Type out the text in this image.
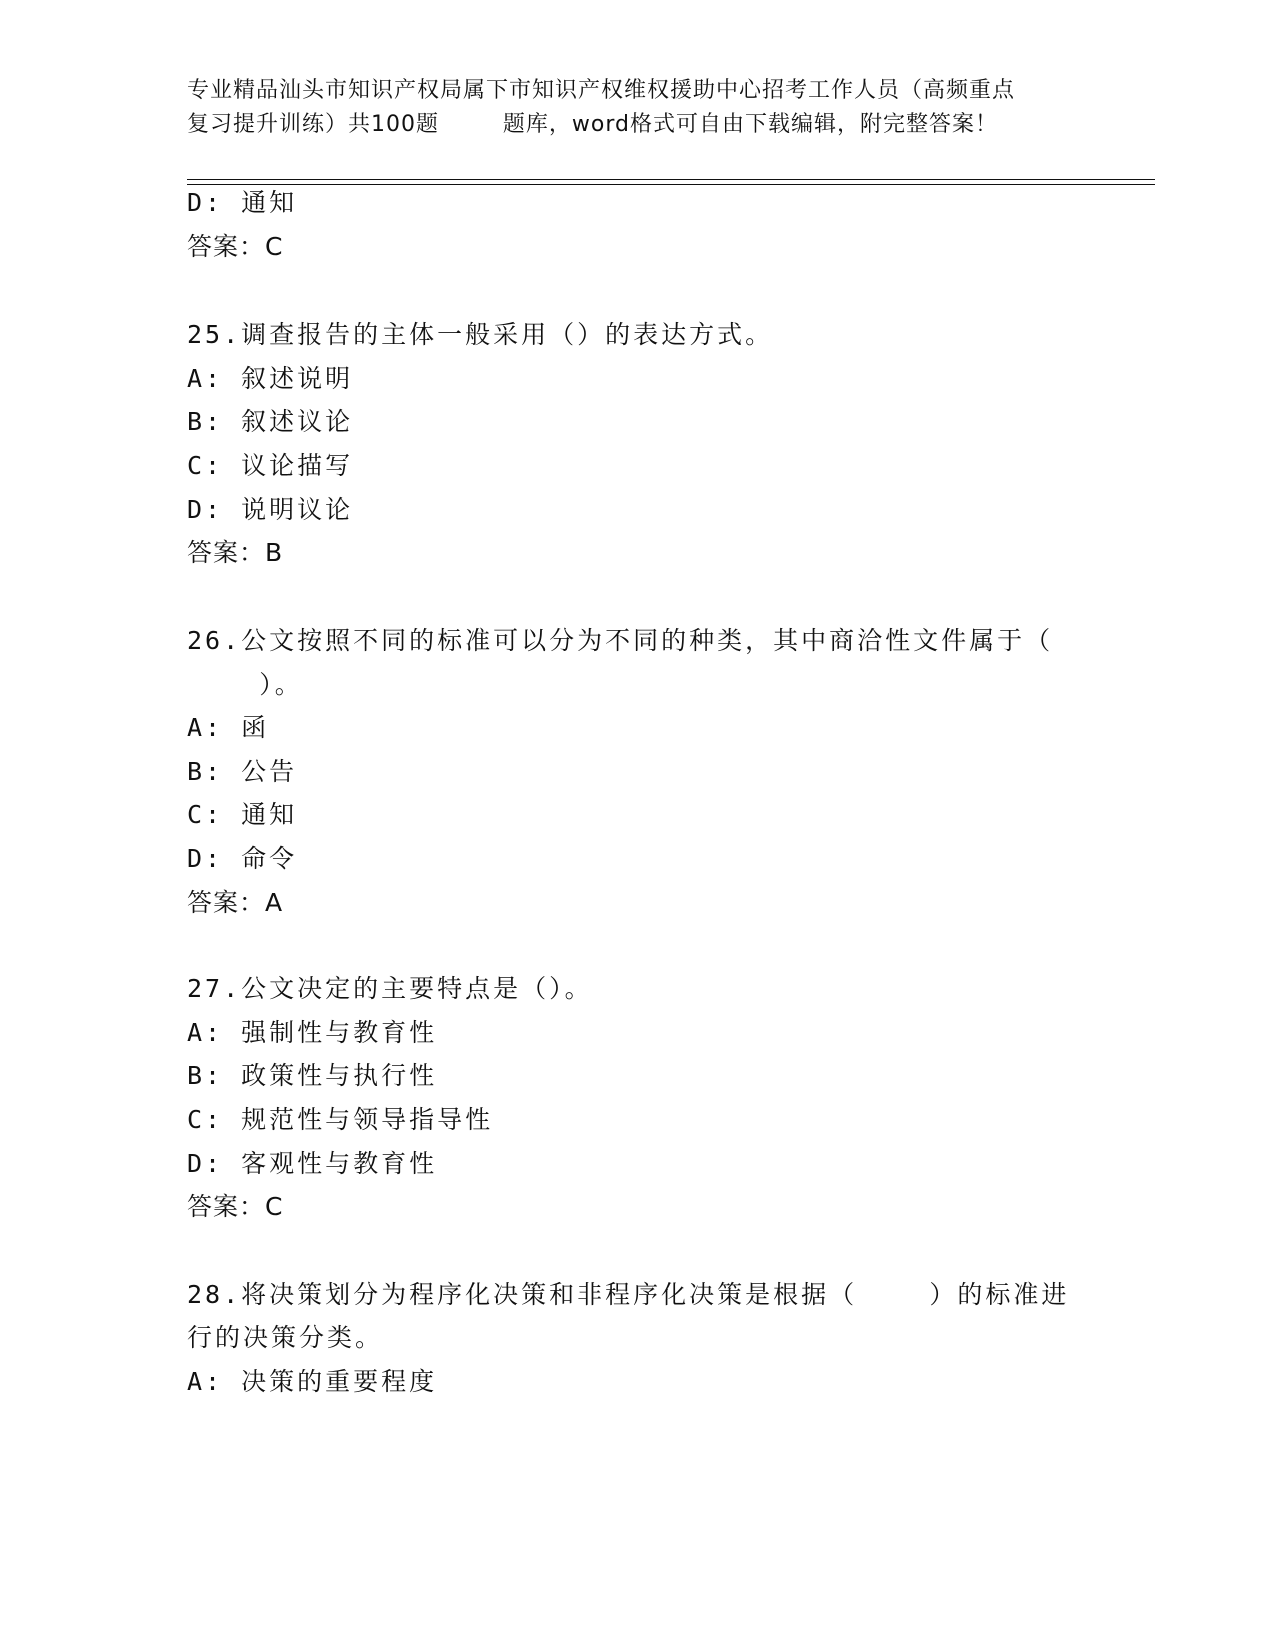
专业精品汕头市知识产权局属下市知识产权维权援助中心招考工作人员（高频重点
复习提升训练）共100题        题库，word格式可自由下载编辑，附完整答案！
D: 通知
答案：C
25.调查报告的主体一般采用（）的表达方式。
A: 叙述说明
B: 叙述议论
C: 议论描写
D: 说明议论
答案：B
26.公文按照不同的标准可以分为不同的种类，其中商洽性文件属于（
）。
A: 函
B: 公告
C: 通知
D: 命令
答案：A
27.公文决定的主要特点是（）。
A: 强制性与教育性
B: 政策性与执行性
C: 规范性与领导指导性
D: 客观性与教育性
答案：C
28.将决策划分为程序化决策和非程序化决策是根据（    ）的标准进
行的决策分类。
A: 决策的重要程度
